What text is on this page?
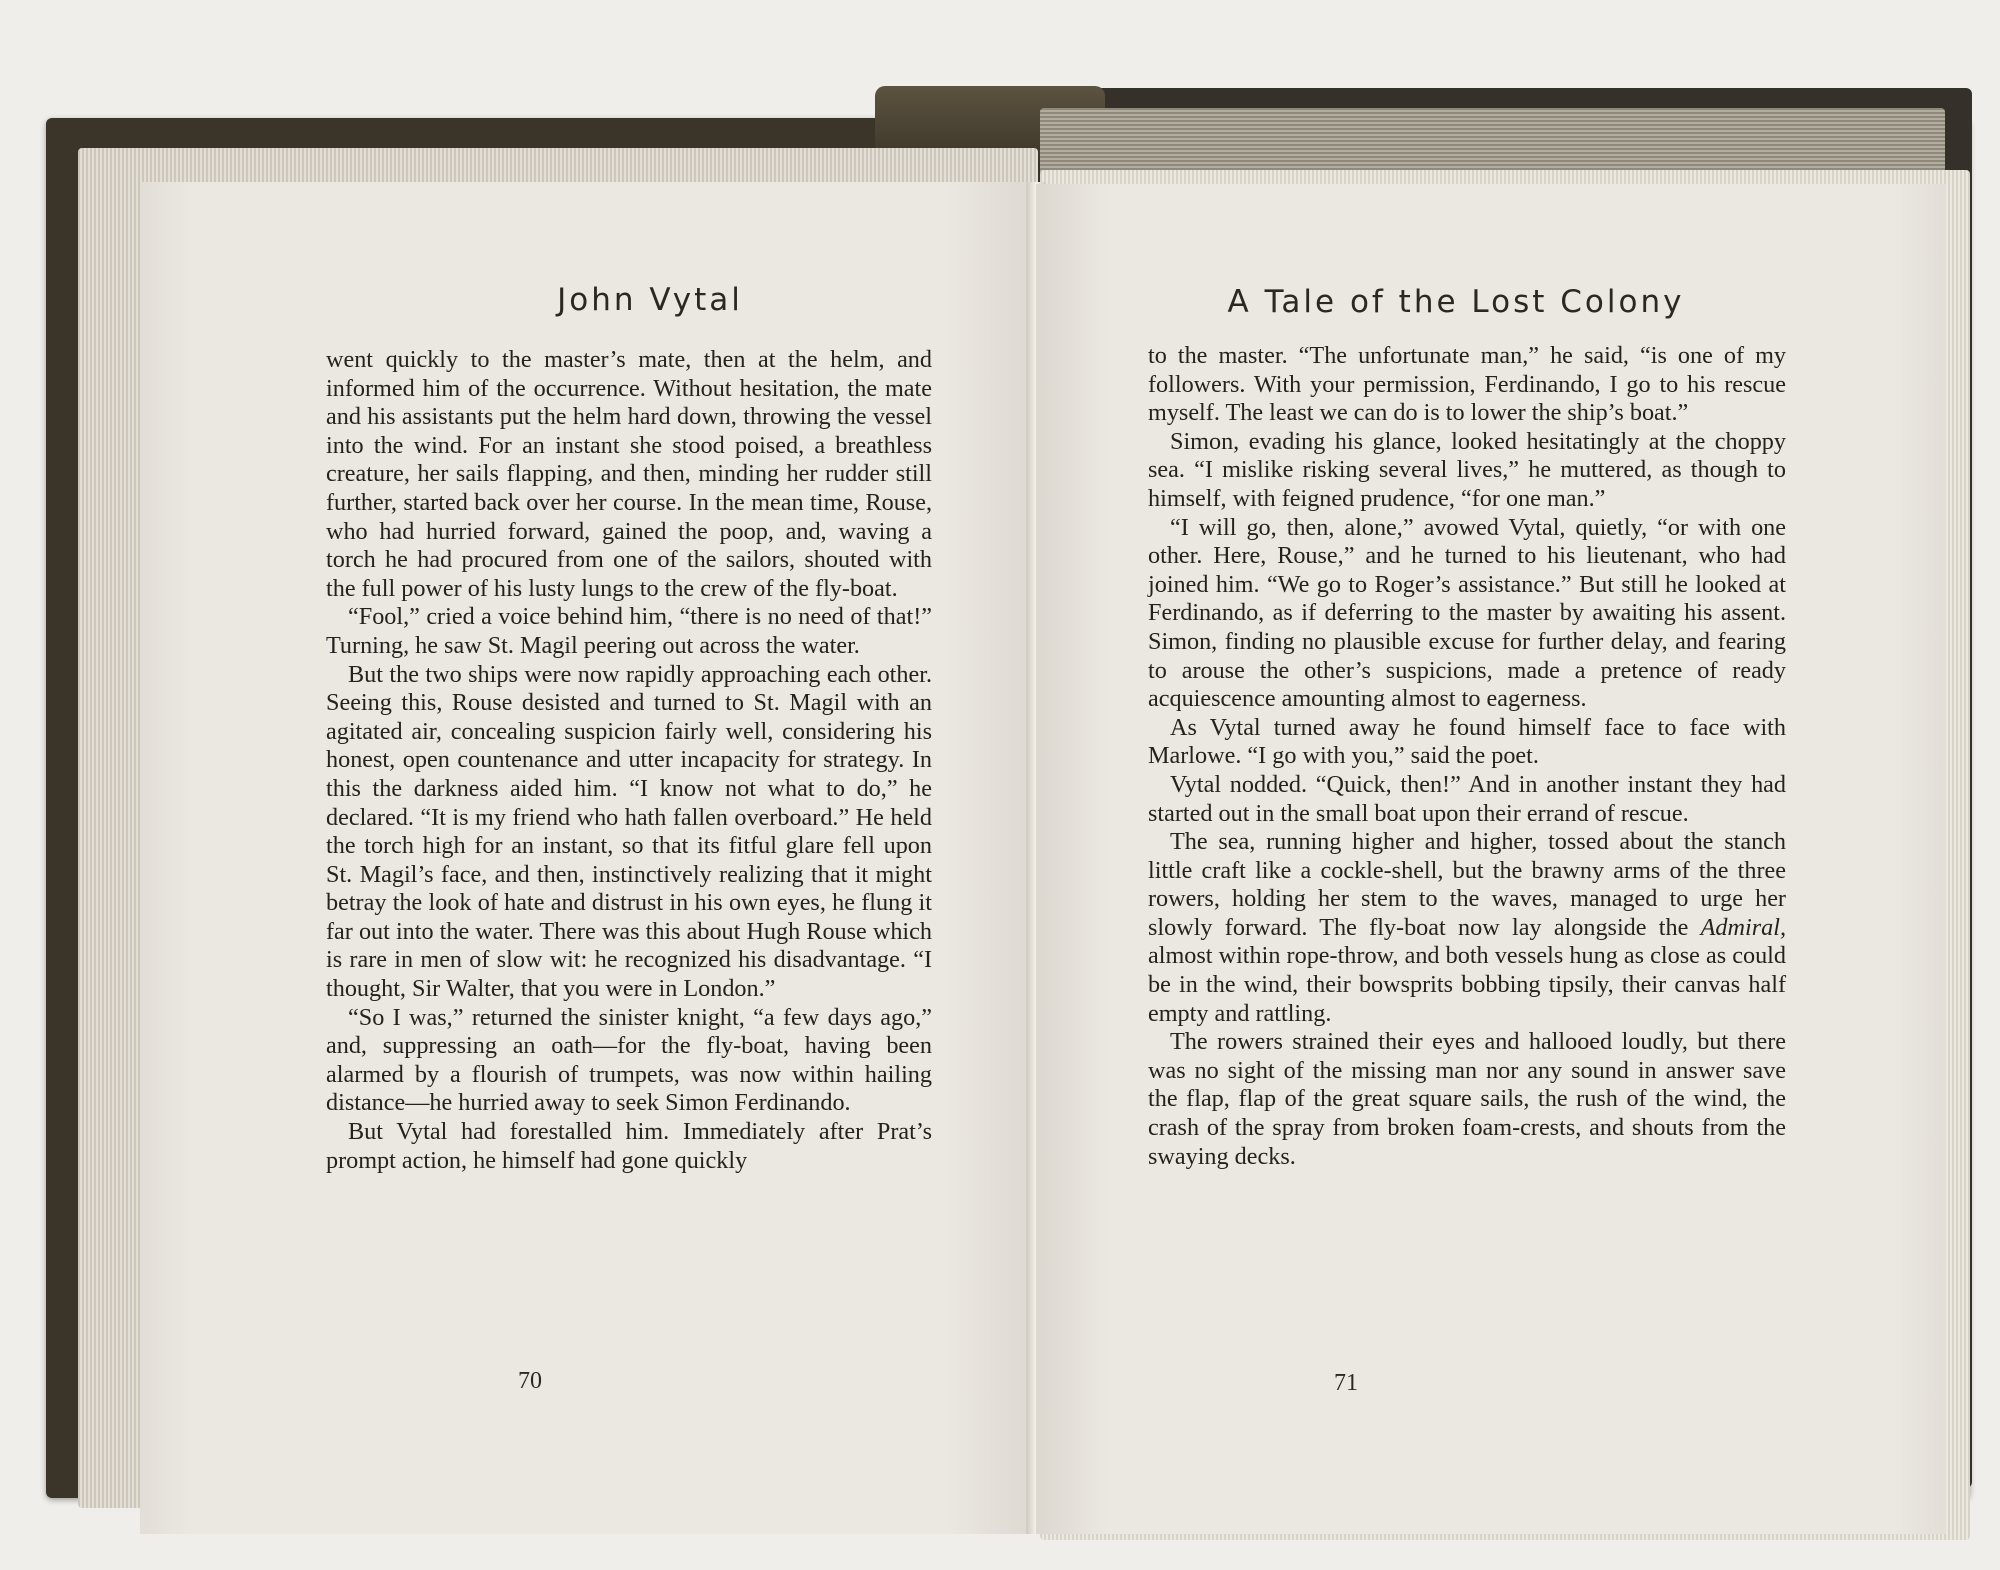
John Vytal

went quickly to the master’s mate, then at the helm, and informed him of the occurrence. Without hesitation, the mate and his assistants put the helm hard down, throwing the vessel into the wind. For an instant she stood poised, a breathless creature, her sails flapping, and then, minding her rudder still further, started back over her course. In the mean time, Rouse, who had hurried forward, gained the poop, and, waving a torch he had procured from one of the sailors, shouted with the full power of his lusty lungs to the crew of the fly-boat.

“Fool,” cried a voice behind him, “there is no need of that!” Turning, he saw St. Magil peering out across the water.

But the two ships were now rapidly approaching each other. Seeing this, Rouse desisted and turned to St. Magil with an agitated air, concealing suspicion fairly well, considering his honest, open countenance and utter incapacity for strategy. In this the darkness aided him. “I know not what to do,” he declared. “It is my friend who hath fallen overboard.” He held the torch high for an instant, so that its fitful glare fell upon St. Magil’s face, and then, instinctively realizing that it might betray the look of hate and distrust in his own eyes, he flung it far out into the water. There was this about Hugh Rouse which is rare in men of slow wit: he recognized his disadvantage. “I thought, Sir Walter, that you were in London.”

“So I was,” returned the sinister knight, “a few days ago,” and, suppressing an oath—for the fly-boat, having been alarmed by a flourish of trumpets, was now within hailing distance—he hurried away to seek Simon Ferdinando.

But Vytal had forestalled him. Immediately after Prat’s prompt action, he himself had gone quickly

70
A Tale of the Lost Colony

to the master. “The unfortunate man,” he said, “is one of my followers. With your permission, Ferdinando, I go to his rescue myself. The least we can do is to lower the ship’s boat.”

Simon, evading his glance, looked hesitatingly at the choppy sea. “I mislike risking several lives,” he muttered, as though to himself, with feigned prudence, “for one man.”

“I will go, then, alone,” avowed Vytal, quietly, “or with one other. Here, Rouse,” and he turned to his lieutenant, who had joined him. “We go to Roger’s assistance.” But still he looked at Ferdinando, as if deferring to the master by awaiting his assent. Simon, finding no plausible excuse for further delay, and fearing to arouse the other’s suspicions, made a pretence of ready acquiescence amounting almost to eagerness.

As Vytal turned away he found himself face to face with Marlowe. “I go with you,” said the poet.

Vytal nodded. “Quick, then!” And in another instant they had started out in the small boat upon their errand of rescue.

The sea, running higher and higher, tossed about the stanch little craft like a cockle-shell, but the brawny arms of the three rowers, holding her stem to the waves, managed to urge her slowly forward. The fly-boat now lay alongside the Admiral, almost within rope-throw, and both vessels hung as close as could be in the wind, their bowsprits bobbing tipsily, their canvas half empty and rattling.

The rowers strained their eyes and hallooed loudly, but there was no sight of the missing man nor any sound in answer save the flap, flap of the great square sails, the rush of the wind, the crash of the spray from broken foam-crests, and shouts from the swaying decks.

71
